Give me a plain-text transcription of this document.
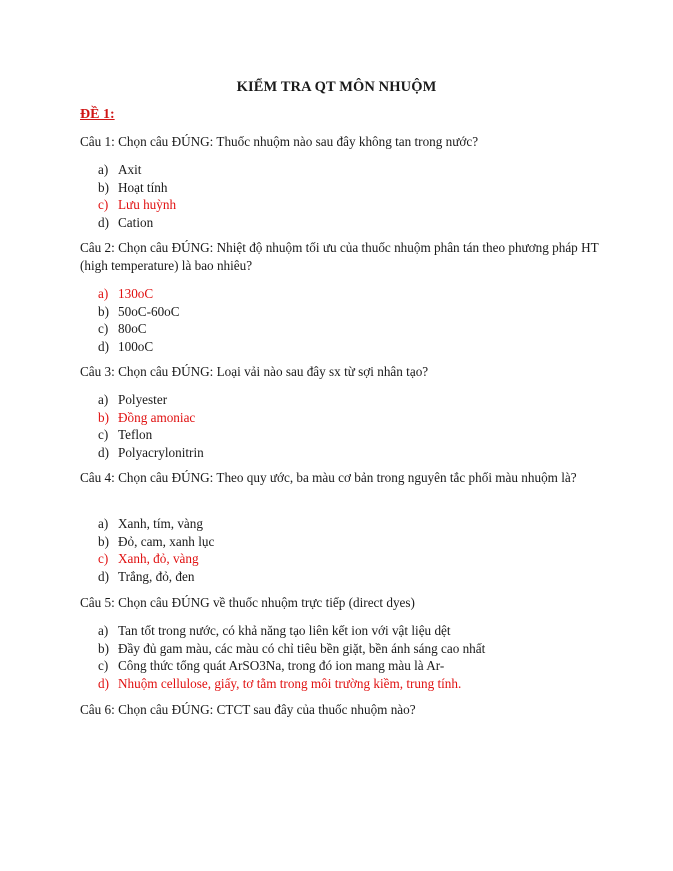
KIỂM TRA QT MÔN NHUỘM
ĐỀ 1:
Câu 1: Chọn câu ĐÚNG: Thuốc nhuộm nào sau đây không tan trong nước?
a) Axit
b) Hoạt tính
c) Lưu huỳnh
d) Cation
Câu 2: Chọn câu ĐÚNG: Nhiệt độ nhuộm tối ưu của thuốc nhuộm phân tán theo phương pháp HT (high temperature) là bao nhiêu?
a) 130oC
b) 50oC-60oC
c) 80oC
d) 100oC
Câu 3: Chọn câu ĐÚNG: Loại vải nào sau đây sx từ sợi nhân tạo?
a) Polyester
b) Đồng amoniac
c) Teflon
d) Polyacrylonitrin
Câu 4: Chọn câu ĐÚNG: Theo quy ước, ba màu cơ bản trong nguyên tắc phối màu nhuộm là?
a) Xanh, tím, vàng
b) Đỏ, cam, xanh lục
c) Xanh, đỏ, vàng
d) Trắng, đỏ, đen
Câu 5: Chọn câu ĐÚNG về thuốc nhuộm trực tiếp (direct dyes)
a) Tan tốt trong nước, có khả năng tạo liên kết ion với vật liệu dệt
b) Đầy đủ gam màu, các màu có chỉ tiêu bền giặt, bền ánh sáng cao nhất
c) Công thức tổng quát ArSO3Na, trong đó ion mang màu là Ar-
d) Nhuộm cellulose, giấy, tơ tằm trong môi trường kiềm, trung tính.
Câu 6: Chọn câu ĐÚNG: CTCT sau đây của thuốc nhuộm nào?
